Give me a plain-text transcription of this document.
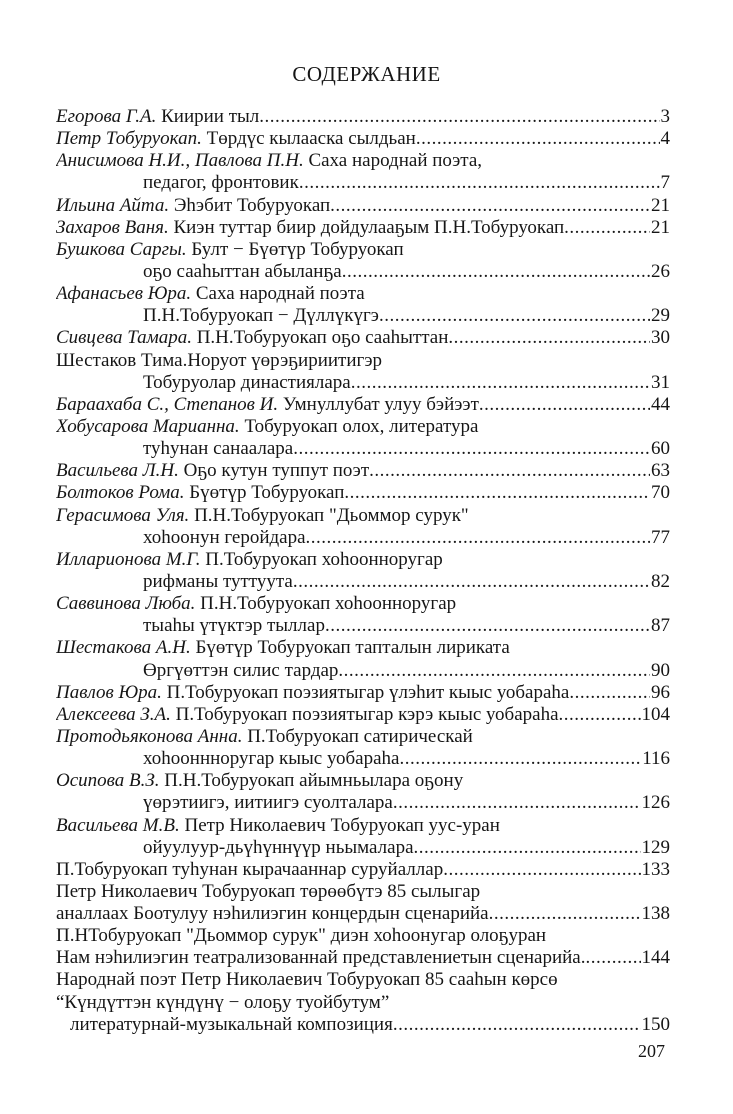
СОДЕРЖАНИЕ
Егорова Г.А. Киирии тыл .....	3
Петр Тобуруокап. Төрдүс кылааска сылдьан .....	4
Анисимова Н.И., Павлова П.Н. Саха народнай поэта,
педагог, фронтовик .....	7
Ильина Айта. Эһэбит Тобуруокап .....	21
Захаров Ваня. Киэн туттар биир дойдулааҕым П.Н.Тобуруокап .....	21
Бушкова Саргы. Булт − Бүөтүр Тобуруокап
оҕо сааһыттан абыланҕа .....	26
Афанасьев Юра. Саха народнай поэта
П.Н.Тобуруокап − Дүллүкүгэ .....	29
Сивцева Тамара. П.Н.Тобуруокап оҕо сааһыттан .....	30
Шестаков Тима.Норуот үөрэҕириитигэр
Тобуруолар династиялара .....	31
Бараахаба С., Степанов И. Умнуллубат улуу бэйээт .....	44
Хобусарова Марианна. Тобуруокап олох, литература
туһунан санаалара .....	60
Васильева Л.Н. Оҕо кутун туппут поэт .....	63
Болтоков Рома. Бүөтүр Тобуруокап .....	70
Герасимова Уля. П.Н.Тобуруокап "Дьоммор сурук"
хоһоонун геройдара .....	77
Илларионова М.Г. П.Тобуруокап хоһоонноругар
рифманы туттуута .....	82
Саввинова Люба. П.Н.Тобуруокап хоһоонноругар
тыаһы үтүктэр тыллар .....	87
Шестакова А.Н. Бүөтүр Тобуруокап тапталын лириката
Өргүөттэн силис тардар .....	90
Павлов Юра. П.Тобуруокап поэзиятыгар үлэһит кыыс уобараһа .....	96
Алексеева З.А. П.Тобуруокап поэзиятыгар кэрэ кыыс уобараһа .....	104
Протодьяконова Анна. П.Тобуруокап сатирическай
хоһооннноругар кыыс уобараһа .....	116
Осипова В.З. П.Н.Тобуруокап айымньылара оҕону
үөрэтиигэ, иитиигэ суолталара .....	126
Васильева М.В. Петр Николаевич Тобуруокап уус-уран
ойуулуур-дьүһүннүүр ньымалара .....	129
П.Тобуруокап туһунан кырачааннар суруйаллар .....	133
Петр Николаевич Тобуруокап төрөөбүтэ 85 сылыгар
аналлаах Боотулуу нэһилиэгин концердын сценарийа .....	138
П.НТобуруокап "Дьоммор сурук" диэн хоһоонугар олоҕуран
Нам нэһилиэгин театрализованнай представлениетын сценарийа. .....	144
Народнай поэт Петр Николаевич Тобуруокап 85 сааһын көрсө
“Күндүттэн күндүнү − олоҕу туойбутум”
литературнай-музыкальнай композиция .....	150
207
